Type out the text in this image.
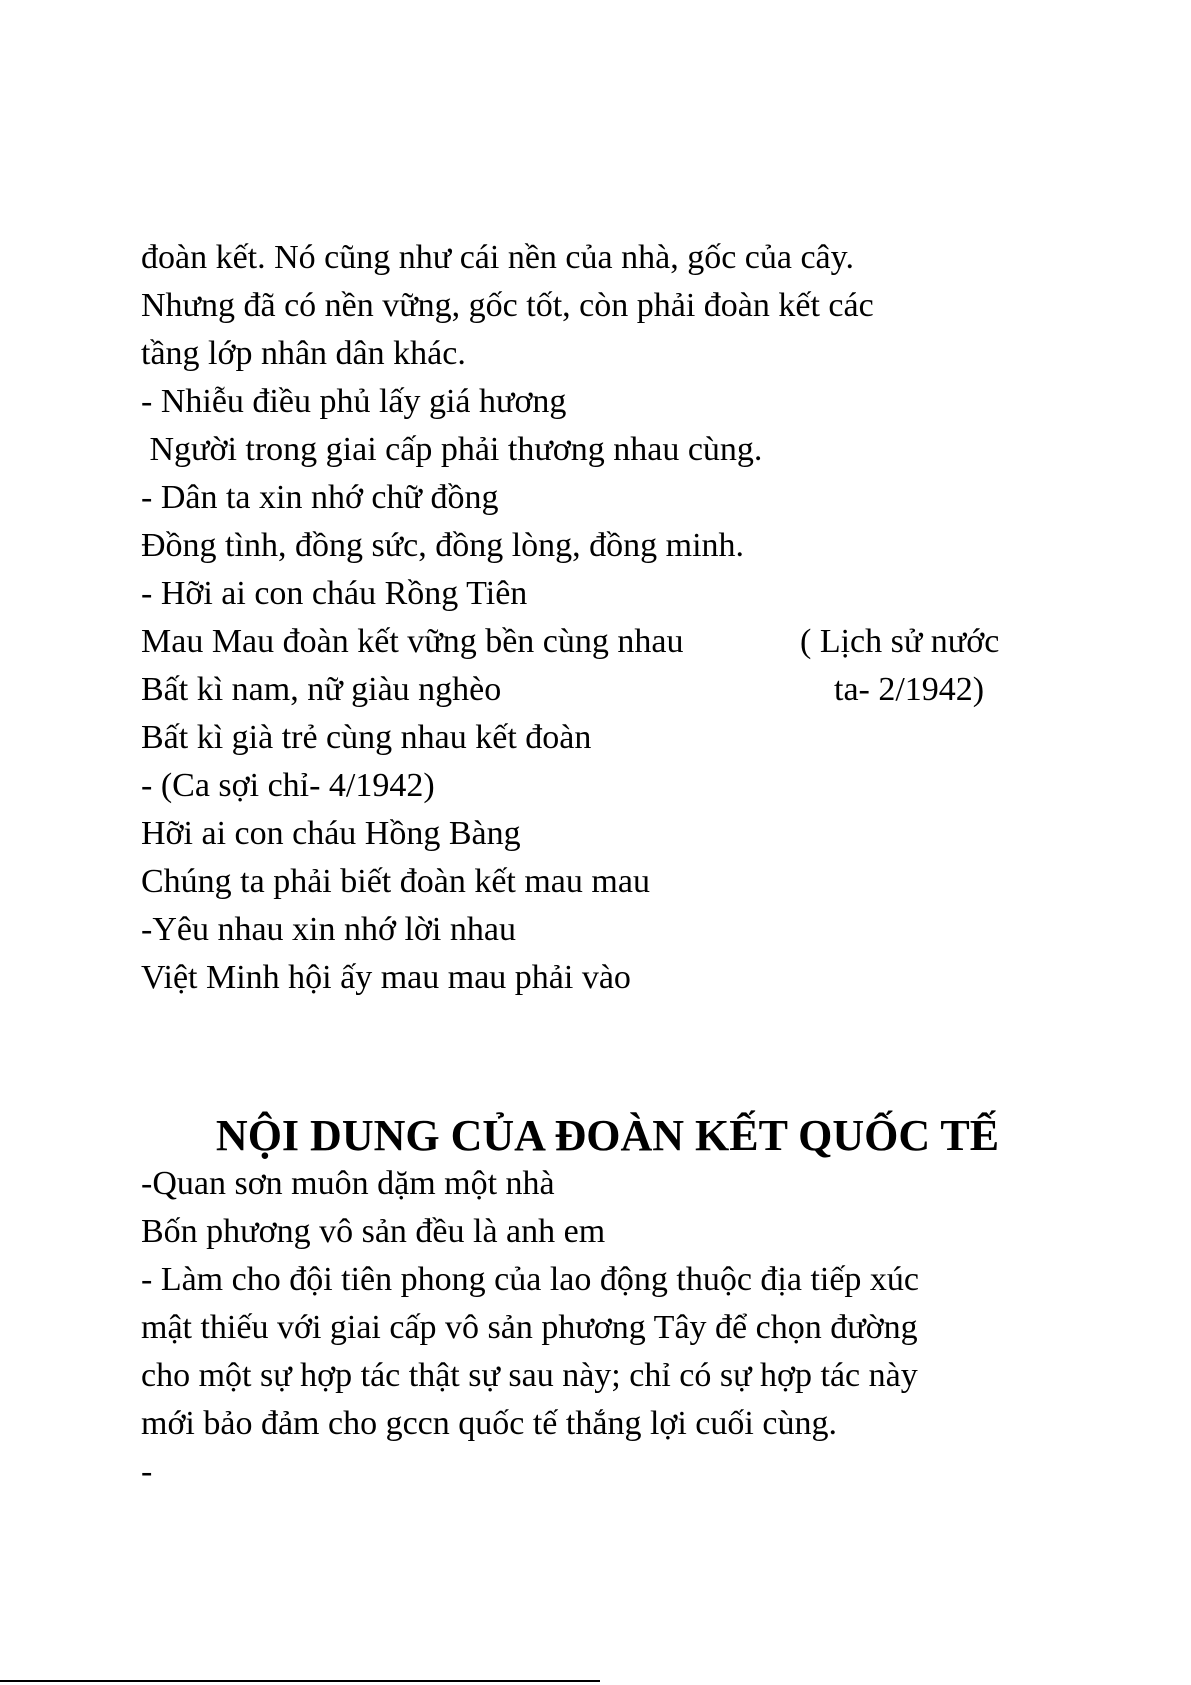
đoàn kết. Nó cũng như cái nền của nhà, gốc của cây.
Nhưng đã có nền vững, gốc tốt, còn phải đoàn kết các
tầng lớp nhân dân khác.
- Nhiễu điều phủ lấy giá hương
Người trong giai cấp phải thương nhau cùng.
- Dân ta xin nhớ chữ đồng
Đồng tình, đồng sức, đồng lòng, đồng minh.
- Hỡi ai con cháu Rồng Tiên
Mau Mau đoàn kết vững bền cùng nhau	( Lịch sử nước
Bất kì nam, nữ giàu nghèo	ta- 2/1942)
Bất kì già trẻ cùng nhau kết đoàn
- (Ca sợi chỉ- 4/1942)
Hỡi ai con cháu Hồng Bàng
Chúng ta phải biết đoàn kết mau mau
-Yêu nhau xin nhớ lời nhau
Việt Minh hội ấy mau mau phải vào
NỘI DUNG CỦA ĐOÀN KẾT QUỐC TẾ
-Quan sơn muôn dặm một nhà
Bốn phương vô sản đều là anh em
- Làm cho đội tiên phong của lao động thuộc địa tiếp xúc
mật thiếu với giai cấp vô sản phương Tây để chọn đường
cho một sự hợp tác thật sự sau này; chỉ có sự hợp tác này
mới bảo đảm cho gccn quốc tế thắng lợi cuối cùng.
-
